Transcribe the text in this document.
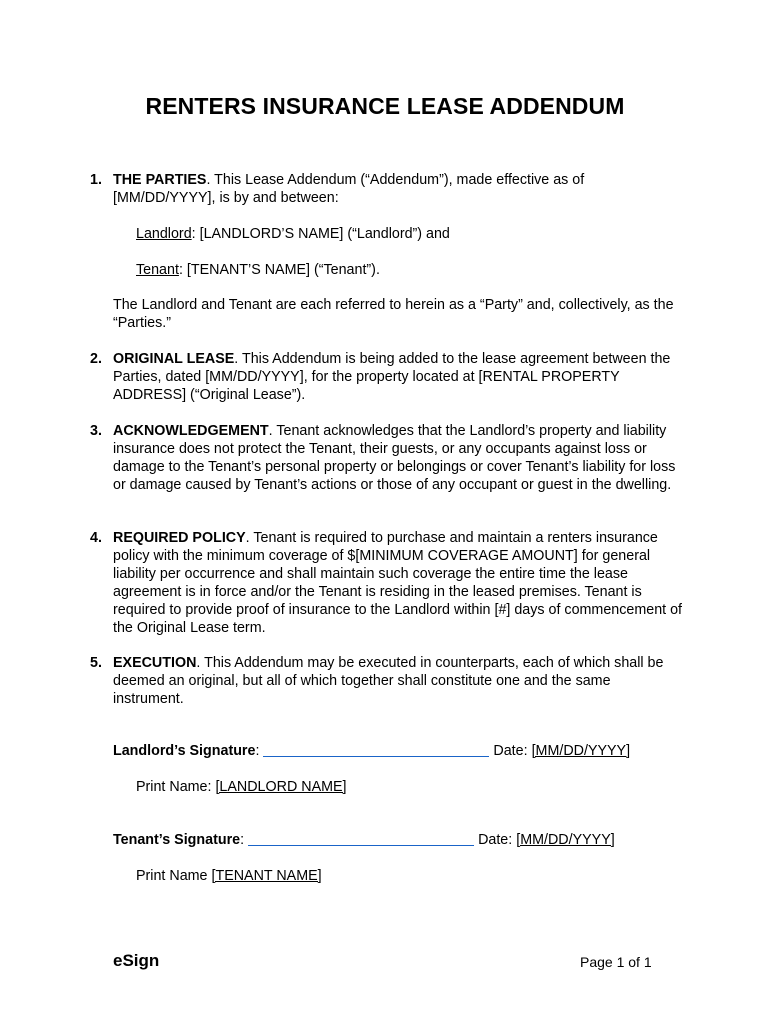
RENTERS INSURANCE LEASE ADDENDUM
1. THE PARTIES. This Lease Addendum (“Addendum”), made effective as of [MM/DD/YYYY], is by and between:
Landlord: [LANDLORD’S NAME] (“Landlord”) and
Tenant: [TENANT’S NAME] (“Tenant”).
The Landlord and Tenant are each referred to herein as a “Party” and, collectively, as the “Parties.”
2. ORIGINAL LEASE. This Addendum is being added to the lease agreement between the Parties, dated [MM/DD/YYYY], for the property located at [RENTAL PROPERTY ADDRESS] (“Original Lease”).
3. ACKNOWLEDGEMENT. Tenant acknowledges that the Landlord’s property and liability insurance does not protect the Tenant, their guests, or any occupants against loss or damage to the Tenant’s personal property or belongings or cover Tenant’s liability for loss or damage caused by Tenant’s actions or those of any occupant or guest in the dwelling.
4. REQUIRED POLICY. Tenant is required to purchase and maintain a renters insurance policy with the minimum coverage of $[MINIMUM COVERAGE AMOUNT] for general liability per occurrence and shall maintain such coverage the entire time the lease agreement is in force and/or the Tenant is residing in the leased premises. Tenant is required to provide proof of insurance to the Landlord within [#] days of commencement of the Original Lease term.
5. EXECUTION. This Addendum may be executed in counterparts, each of which shall be deemed an original, but all of which together shall constitute one and the same instrument.
Landlord’s Signature:	Date: [MM/DD/YYYY]
Print Name: [LANDLORD NAME]
Tenant’s Signature:	Date: [MM/DD/YYYY]
Print Name [TENANT NAME]
eSign	Page 1 of 1
